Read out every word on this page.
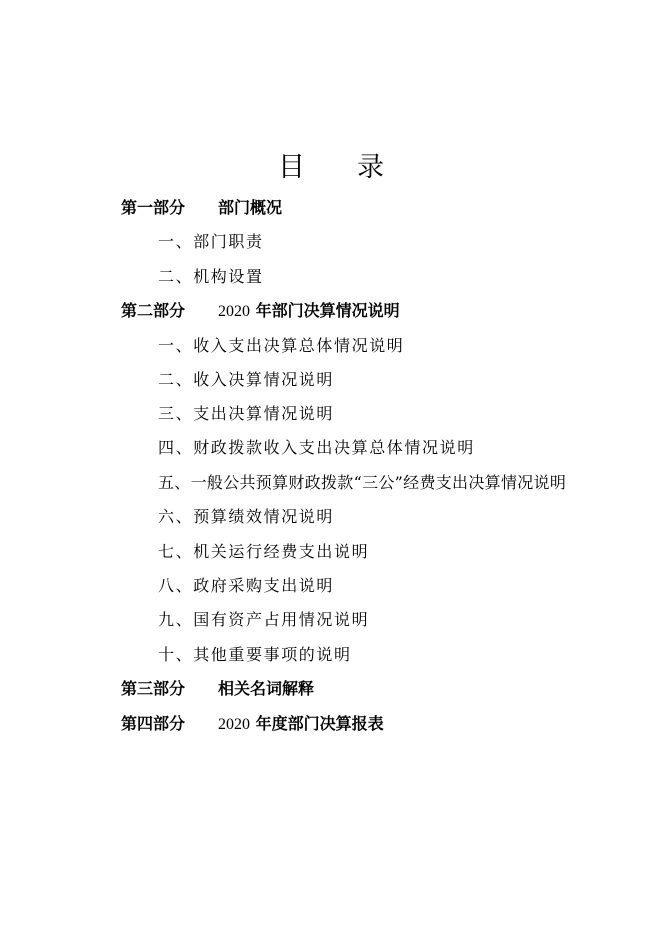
目 录
第一部分 部门概况
一、部门职责
二、机构设置
第二部分 2020 年部门决算情况说明
一、收入支出决算总体情况说明
二、收入决算情况说明
三、支出决算情况说明
四、财政拨款收入支出决算总体情况说明
五、一般公共预算财政拨款“三公”经费支出决算情况说明
六、预算绩效情况说明
七、机关运行经费支出说明
八、政府采购支出说明
九、国有资产占用情况说明
十、其他重要事项的说明
第三部分 相关名词解释
第四部分 2020 年度部门决算报表
